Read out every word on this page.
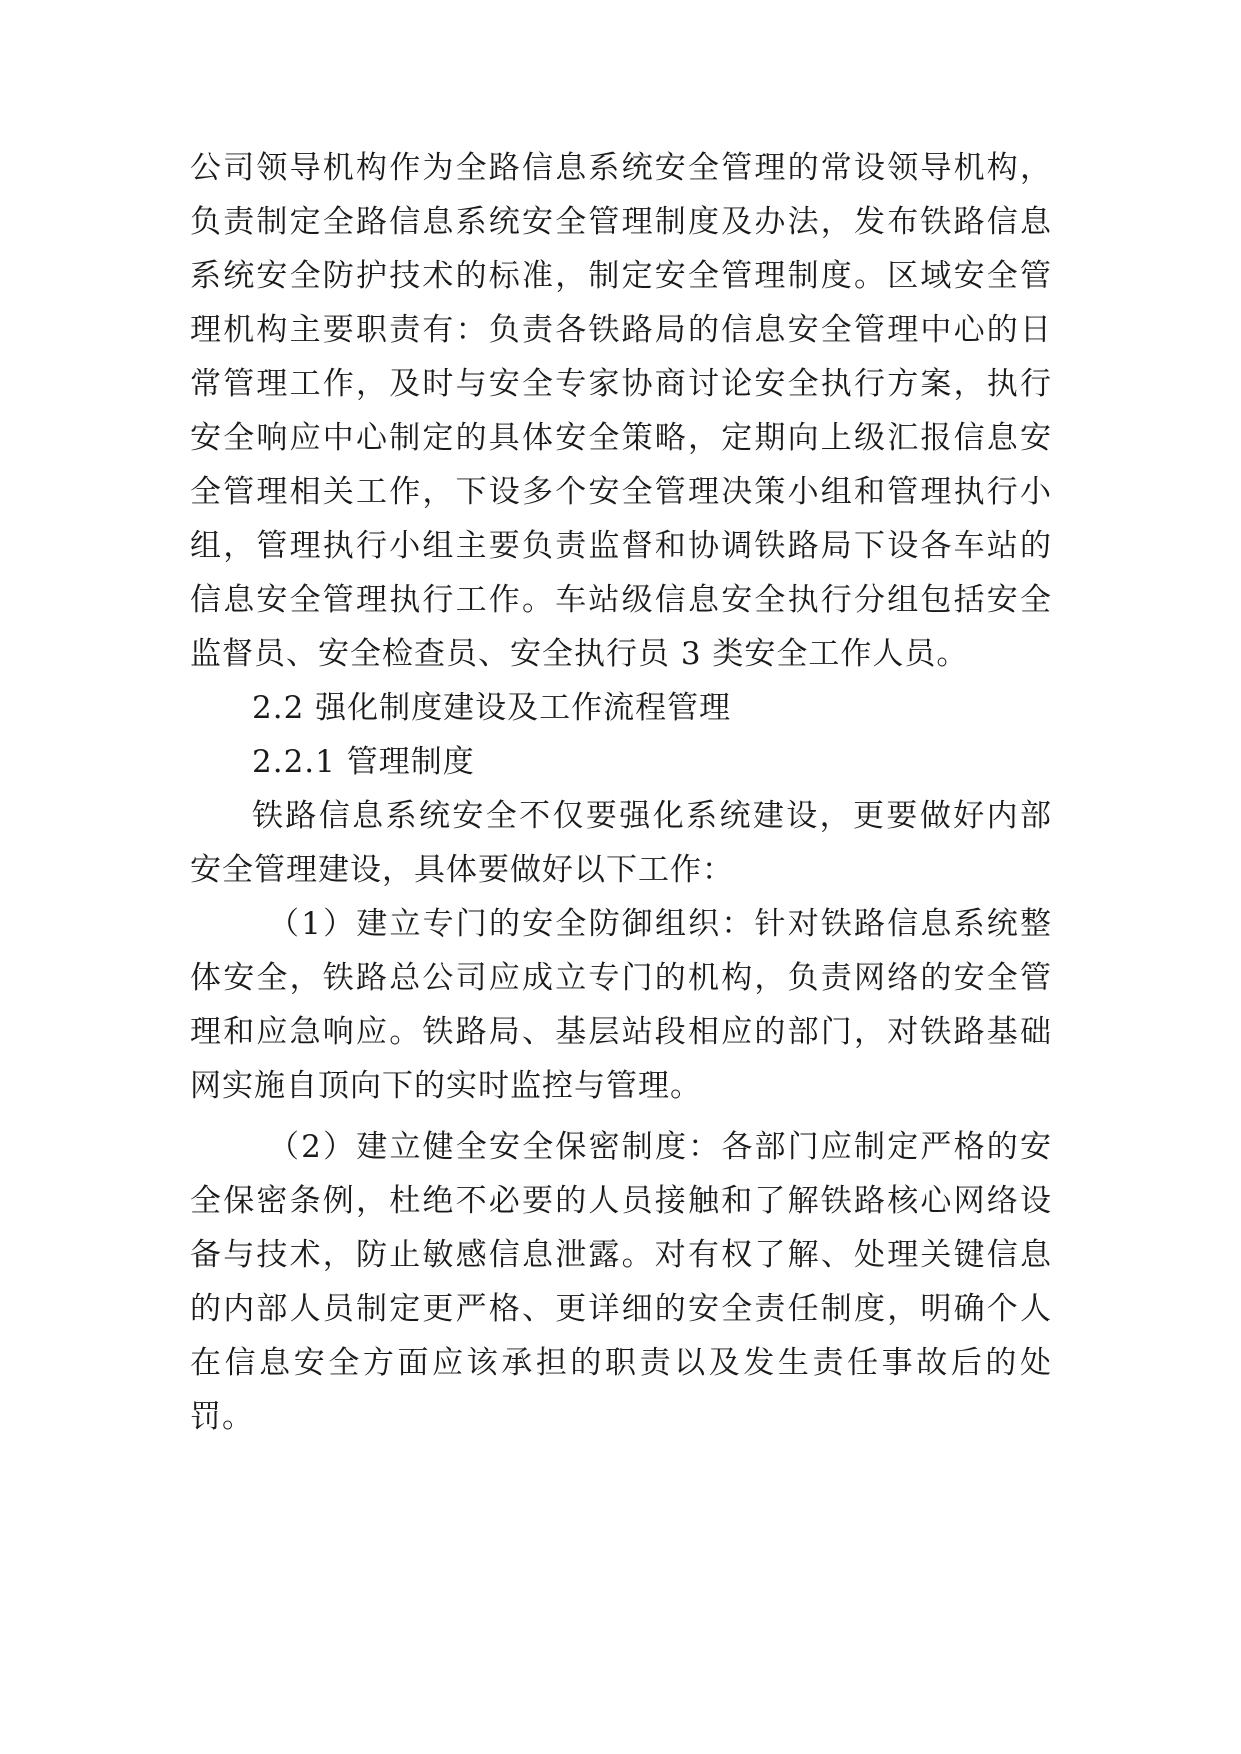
公司领导机构作为全路信息系统安全管理的常设领导机构，

负责制定全路信息系统安全管理制度及办法，发布铁路信息

系统安全防护技术的标准，制定安全管理制度。区域安全管

理机构主要职责有：负责各铁路局的信息安全管理中心的日

常管理工作，及时与安全专家协商讨论安全执行方案，执行

安全响应中心制定的具体安全策略，定期向上级汇报信息安

全管理相关工作，下设多个安全管理决策小组和管理执行小

组，管理执行小组主要负责监督和协调铁路局下设各车站的

信息安全管理执行工作。车站级信息安全执行分组包括安全

监督员、安全检查员、安全执行员 3 类安全工作人员。

2.2 强化制度建设及工作流程管理

2.2.1 管理制度

铁路信息系统安全不仅要强化系统建设，更要做好内部

安全管理建设，具体要做好以下工作：

（1）建立专门的安全防御组织：针对铁路信息系统整

体安全，铁路总公司应成立专门的机构，负责网络的安全管

理和应急响应。铁路局、基层站段相应的部门，对铁路基础

网实施自顶向下的实时监控与管理。

（2）建立健全安全保密制度：各部门应制定严格的安

全保密条例，杜绝不必要的人员接触和了解铁路核心网络设

备与技术，防止敏感信息泄露。对有权了解、处理关键信息

的内部人员制定更严格、更详细的安全责任制度，明确个人

在信息安全方面应该承担的职责以及发生责任事故后的处

罚。
